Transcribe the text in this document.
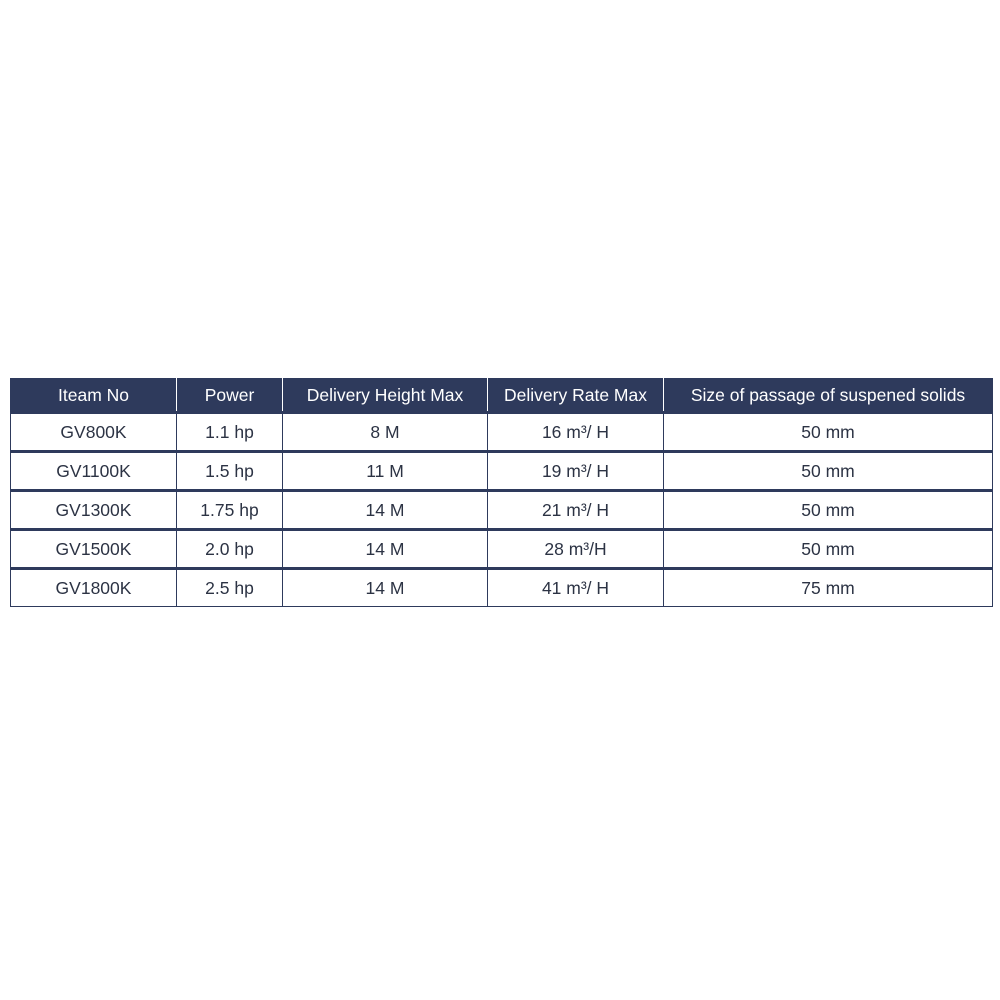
Iteam No	Power	Delivery Height Max	Delivery Rate Max	Size of passage of suspened solids
GV800K	1.1 hp	8 M	16 m³/ H	50 mm
GV1100K	1.5 hp	11 M	19 m³/ H	50 mm
GV1300K	1.75 hp	14 M	21 m³/ H	50 mm
GV1500K	2.0 hp	14 M	28 m³/H	50 mm
GV1800K	2.5 hp	14 M	41 m³/ H	75 mm
